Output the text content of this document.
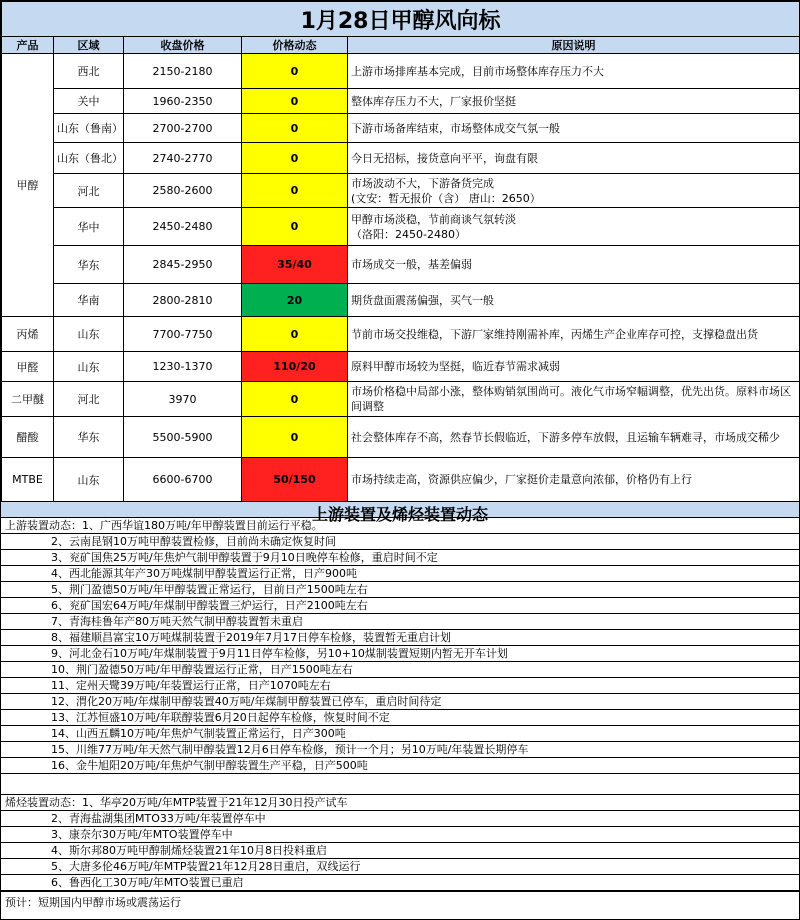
1月28日甲醇风向标				
产品	区域	收盘价格	价格动态	原因说明
甲醇	西北	2150-2180	0	上游市场排库基本完成，目前市场整体库存压力不大

	关中	1960-2350	0	整体库存压力不大，厂家报价坚挺

	山东（鲁南）	2700-2700	0	下游市场备库结束，市场整体成交气氛一般

	山东（鲁北）	2740-2770	0	今日无招标，接货意向平平，询盘有限

	河北	2580-2600	0	市场波动不大，下游备货完成
(文安：暂无报价（含） 唐山：2650）

	华中	2450-2480	0	甲醇市场淡稳，节前商谈气氛转淡
（洛阳：2450-2480）

	华东	2845-2950	35/40	市场成交一般，基差偏弱

	华南	2800-2810	20	期货盘面震荡偏强，买气一般

丙烯	山东	7700-7750	0	节前市场交投维稳，下游厂家维持刚需补库，丙烯生产企业库存可控，支撑稳盘出货

甲醛	山东	1230-1370	110/20	原料甲醇市场较为坚挺，临近春节需求减弱

二甲醚	河北	3970	0	市场价格稳中局部小涨，整体购销氛围尚可。液化气市场窄幅调整，优先出货。原料市场区间调整

醋酸	华东	5500-5900	0	社会整体库存不高，然春节长假临近，下游多停车放假，且运输车辆难寻，市场成交稀少

MTBE	山东	6600-6700	50/150	市场持续走高，资源供应偏少，厂家挺价走量意向浓郁，价格仍有上行
上游装置及烯烃装置动态
上游装置动态：1、广西华谊180万吨/年甲醇装置目前运行平稳。
2、云南昆钢10万吨甲醇装置检修，目前尚未确定恢复时间
3、兖矿国焦25万吨/年焦炉气制甲醇装置于9月10日晚停车检修，重启时间不定
4、西北能源其年产30万吨煤制甲醇装置运行正常，日产900吨
5、荆门盈德50万吨/年甲醇装置正常运行，目前日产1500吨左右
6、兖矿国宏64万吨/年煤制甲醇装置三炉运行，日产2100吨左右
7、青海桂鲁年产80万吨天然气制甲醇装置暂未重启
8、福建顺昌富宝10万吨煤制装置于2019年7月17日停车检修，装置暂无重启计划
9、河北金石10万吨/年煤制装置于9月11日停车检修，另10+10煤制装置短期内暂无开车计划
10、荆门盈德50万吨/年甲醇装置运行正常，日产1500吨左右
11、定州天鹭39万吨/年装置运行正常，日产1070吨左右
12、渭化20万吨/年煤制甲醇装置40万吨/年煤制甲醇装置已停车，重启时间待定
13、江苏恒盛10万吨/年联醇装置6月20日起停车检修，恢复时间不定
14、山西五麟10万吨/年焦炉气制装置正常运行，日产300吨
15、川维77万吨/年天然气制甲醇装置12月6日停车检修，预计一个月；另10万吨/年装置长期停车
16、金牛旭阳20万吨/年焦炉气制甲醇装置生产平稳，日产500吨
烯烃装置动态：1、华亭20万吨/年MTP装置于21年12月30日投产试车
2、青海盐湖集团MTO33万吨/年装置停车中
3、康奈尔30万吨/年MTO装置停车中
4、斯尔邦80万吨甲醇制烯烃装置21年10月8日投料重启
5、大唐多伦46万吨/年MTP装置21年12月28日重启，双线运行
6、鲁西化工30万吨/年MTO装置已重启
预计：短期国内甲醇市场或震荡运行
